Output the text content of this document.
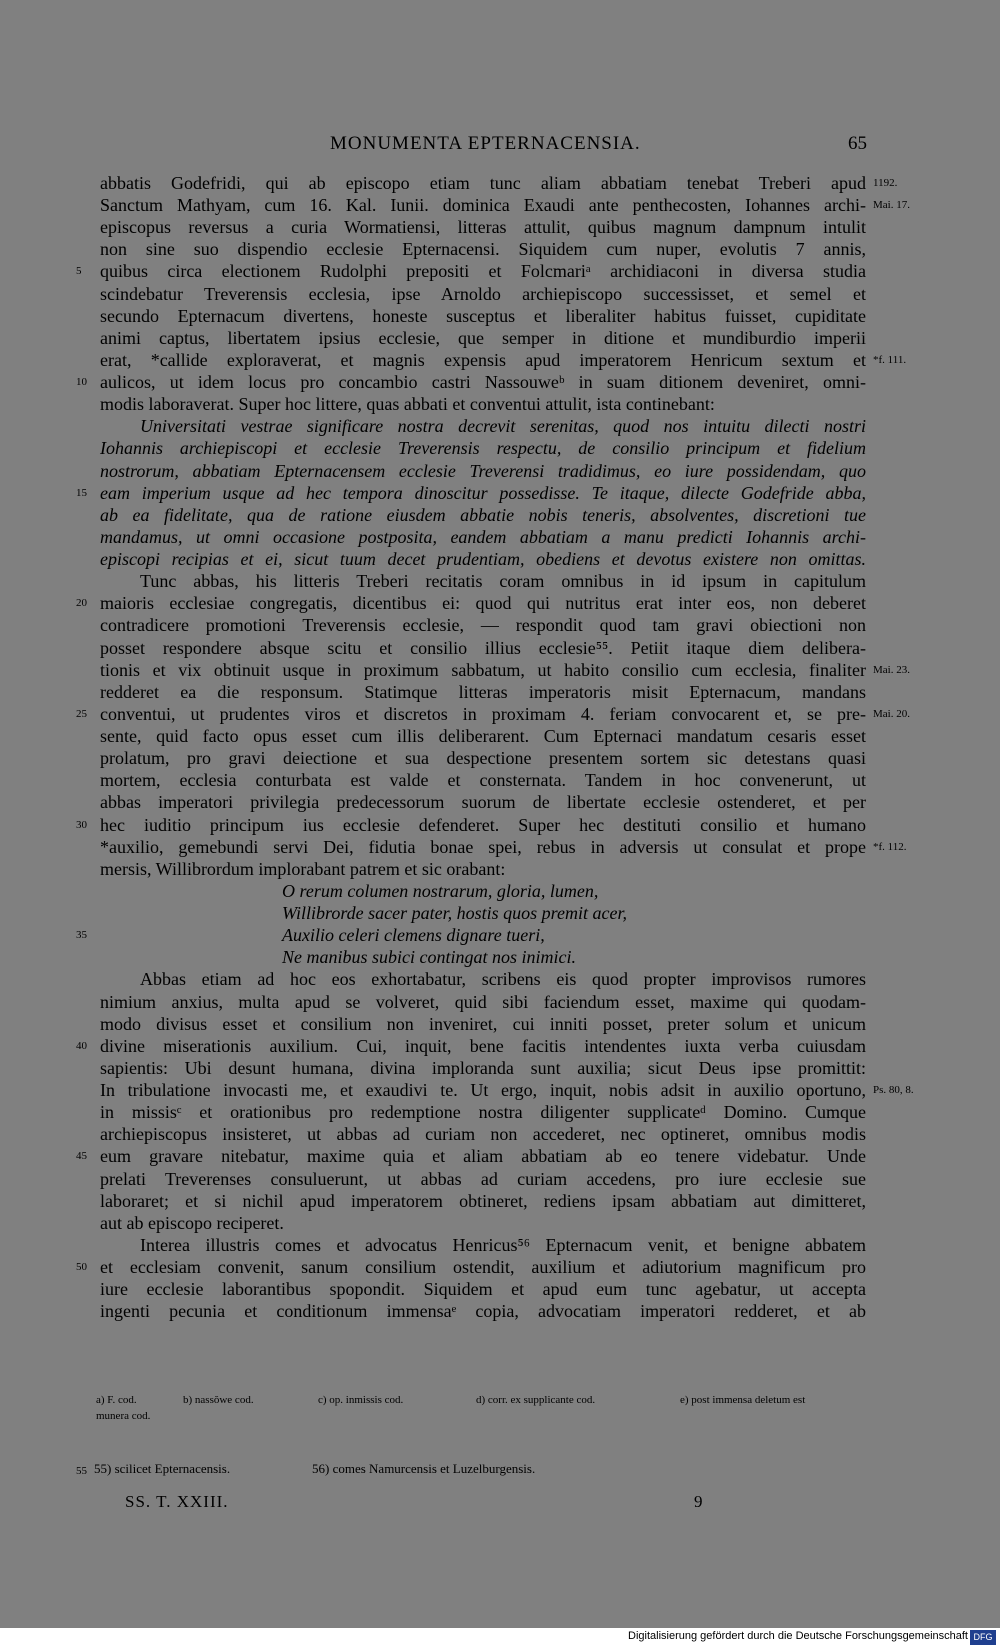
MONUMENTA EPTERNACENSIA.	65
abbatis Godefridi, qui ab episcopo etiam tunc aliam abbatiam tenebat Treberi apud
Sanctum Mathyam, cum 16. Kal. Iunii. dominica Exaudi ante penthecosten, Iohannes archi-
episcopus reversus a curia Wormatiensi, litteras attulit, quibus magnum dampnum intulit
non sine suo dispendio ecclesie Epternacensi. Siquidem cum nuper, evolutis 7 annis,
quibus circa electionem Rudolphi prepositi et Folcmariᵃ archidiaconi in diversa studia
scindebatur Treverensis ecclesia, ipse Arnoldo archiepiscopo successisset, et semel et
secundo Epternacum divertens, honeste susceptus et liberaliter habitus fuisset, cupiditate
animi captus, libertatem ipsius ecclesie, que semper in ditione et mundiburdio imperii
erat, *callide exploraverat, et magnis expensis apud imperatorem Henricum sextum et
aulicos, ut idem locus pro concambio castri Nassouweᵇ in suam ditionem deveniret, omni-
modis laboraverat. Super hoc littere, quas abbati et conventui attulit, ista continebant:
Universitati vestrae significare nostra decrevit serenitas, quod nos intuitu dilecti nostri
Iohannis archiepiscopi et ecclesie Treverensis respectu, de consilio principum et fidelium
nostrorum, abbatiam Epternacensem ecclesie Treverensi tradidimus, eo iure possidendam, quo
eam imperium usque ad hec tempora dinoscitur possedisse. Te itaque, dilecte Godefride abba,
ab ea fidelitate, qua de ratione eiusdem abbatie nobis teneris, absolventes, discretioni tue
mandamus, ut omni occasione postposita, eandem abbatiam a manu predicti Iohannis archi-
episcopi recipias et ei, sicut tuum decet prudentiam, obediens et devotus existere non omittas.
Tunc abbas, his litteris Treberi recitatis coram omnibus in id ipsum in capitulum
maioris ecclesiae congregatis, dicentibus ei: quod qui nutritus erat inter eos, non deberet
contradicere promotioni Treverensis ecclesie, — respondit quod tam gravi obiectioni non
posset respondere absque scitu et consilio illius ecclesie⁵⁵. Petiit itaque diem delibera-
tionis et vix obtinuit usque in proximum sabbatum, ut habito consilio cum ecclesia, finaliter
redderet ea die responsum. Statimque litteras imperatoris misit Epternacum, mandans
conventui, ut prudentes viros et discretos in proximam 4. feriam convocarent et, se pre-
sente, quid facto opus esset cum illis deliberarent. Cum Epternaci mandatum cesaris esset
prolatum, pro gravi deiectione et sua despectione presentem sortem sic detestans quasi
mortem, ecclesia conturbata est valde et consternata. Tandem in hoc convenerunt, ut
abbas imperatori privilegia predecessorum suorum de libertate ecclesie ostenderet, et per
hec iuditio principum ius ecclesie defenderet. Super hec destituti consilio et humano
*auxilio, gemebundi servi Dei, fidutia bonae spei, rebus in adversis ut consulat et prope
mersis, Willibrordum implorabant patrem et sic orabant:
O rerum columen nostrarum, gloria, lumen,
Willibrorde sacer pater, hostis quos premit acer,
Auxilio celeri clemens dignare tueri,
Ne manibus subici contingat nos inimici.
Abbas etiam ad hoc eos exhortabatur, scribens eis quod propter improvisos rumores
nimium anxius, multa apud se volveret, quid sibi faciendum esset, maxime qui quodam-
modo divisus esset et consilium non inveniret, cui inniti posset, preter solum et unicum
divine miserationis auxilium. Cui, inquit, bene facitis intendentes iuxta verba cuiusdam
sapientis: Ubi desunt humana, divina imploranda sunt auxilia; sicut Deus ipse promittit:
In tribulatione invocasti me, et exaudivi te. Ut ergo, inquit, nobis adsit in auxilio oportuno,
in missisᶜ et orationibus pro redemptione nostra diligenter supplicateᵈ Domino. Cumque
archiepiscopus insisteret, ut abbas ad curiam non accederet, nec optineret, omnibus modis
eum gravare nitebatur, maxime quia et aliam abbatiam ab eo tenere videbatur. Unde
prelati Treverenses consuluerunt, ut abbas ad curiam accedens, pro iure ecclesie sue
laboraret; et si nichil apud imperatorem obtineret, rediens ipsam abbatiam aut dimitteret,
aut ab episcopo reciperet.
Interea illustris comes et advocatus Henricus⁵⁶ Epternacum venit, et benigne abbatem
et ecclesiam convenit, sanum consilium ostendit, auxilium et adiutorium magnificum pro
iure ecclesie laborantibus spopondit. Siquidem et apud eum tunc agebatur, ut accepta
ingenti pecunia et conditionum immensaᵉ copia, advocatiam imperatori redderet, et ab
5
10
15
20
25
30
35
40
45
50
55
1192.
Mai. 17.
*f. 111.
Mai. 23.
Mai. 20.
*f. 112.
Ps. 80, 8.
a) F. cod.	b) nassŏwe cod.	c) op. inmissis cod.	d) corr. ex supplicante cod.	e) post immensa deletum est
munera cod.
55) scilicet Epternacensis.	56) comes Namurcensis et Luzelburgensis.
SS. T. XXIII.	9
Digitalisierung gefördert durch die Deutsche Forschungsgemeinschaft DFG
